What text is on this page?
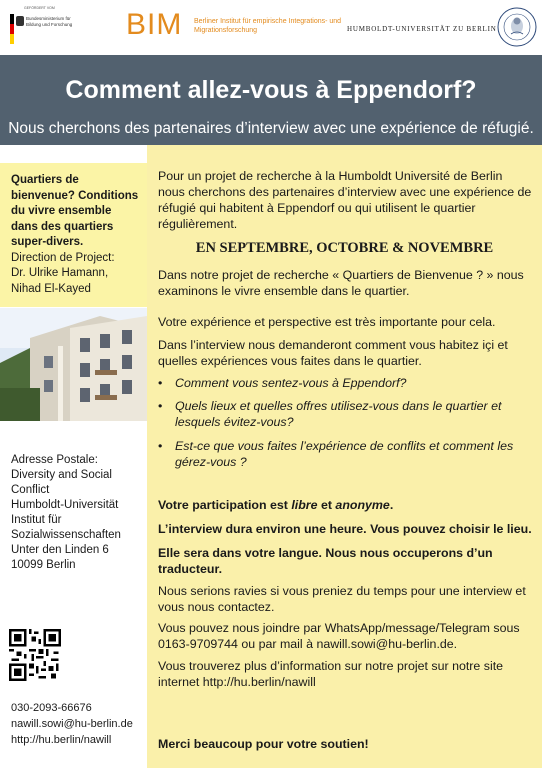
GEFÖRDERT VOM
Bundesministerium für Bildung und Forschung BIM Berliner Institut für empirische Integrations- und Migrationsforschung	HUMBOLDT-UNIVERSITÄT ZU BERLIN
Comment allez-vous à Eppendorf?
Nous cherchons des partenaires d’interview avec une expérience de réfugié.
Quartiers de bienvenue? Conditions du vivre ensemble dans des quartiers super-divers.
Direction de Project:
Dr. Ulrike Hamann, Nihad El-Kayed
Adresse Postale:
Diversity and Social Conflict
Humboldt-Universität
Institut für Sozialwissenschaften
Unter den Linden 6
10099 Berlin
030-2093-66676
nawill.sowi@hu-berlin.de
http://hu.berlin/nawill
Pour un projet de recherche à la Humboldt Université de Berlin nous cherchons des partenaires d’interview avec une expérience de réfugié qui habitent à Eppendorf ou qui utilisent le quartier régulièrement.
EN SEPTEMBRE, OCTOBRE & NOVEMBRE
Dans notre projet de recherche « Quartiers de Bienvenue ? » nous examinons le vivre ensemble dans le quartier.
Votre expérience et perspective est très importante pour cela.
Dans l’interview nous demanderont comment vous habitez içi et quelles expériences vous faites dans le quartier.
• Comment vous sentez-vous à Eppendorf?
• Quels lieux et quelles offres utilisez-vous dans le quartier et lesquels évitez-vous?
• Est-ce que vous faites l’expérience de conflits et comment les gérez-vous ?
Votre participation est libre et anonyme.
L’interview dura environ une heure. Vous pouvez choisir le lieu.
Elle sera dans votre langue. Nous nous occuperons d’un traducteur.
Nous serions ravies si vous preniez du temps pour une interview et vous nous contactez.
Vous pouvez nous joindre par WhatsApp/message/Telegram sous 0163-9709744 ou par mail à nawill.sowi@hu-berlin.de.
Vous trouverez plus d’information sur notre projet sur notre site internet http://hu.berlin/nawill
Merci beaucoup pour votre soutien!
